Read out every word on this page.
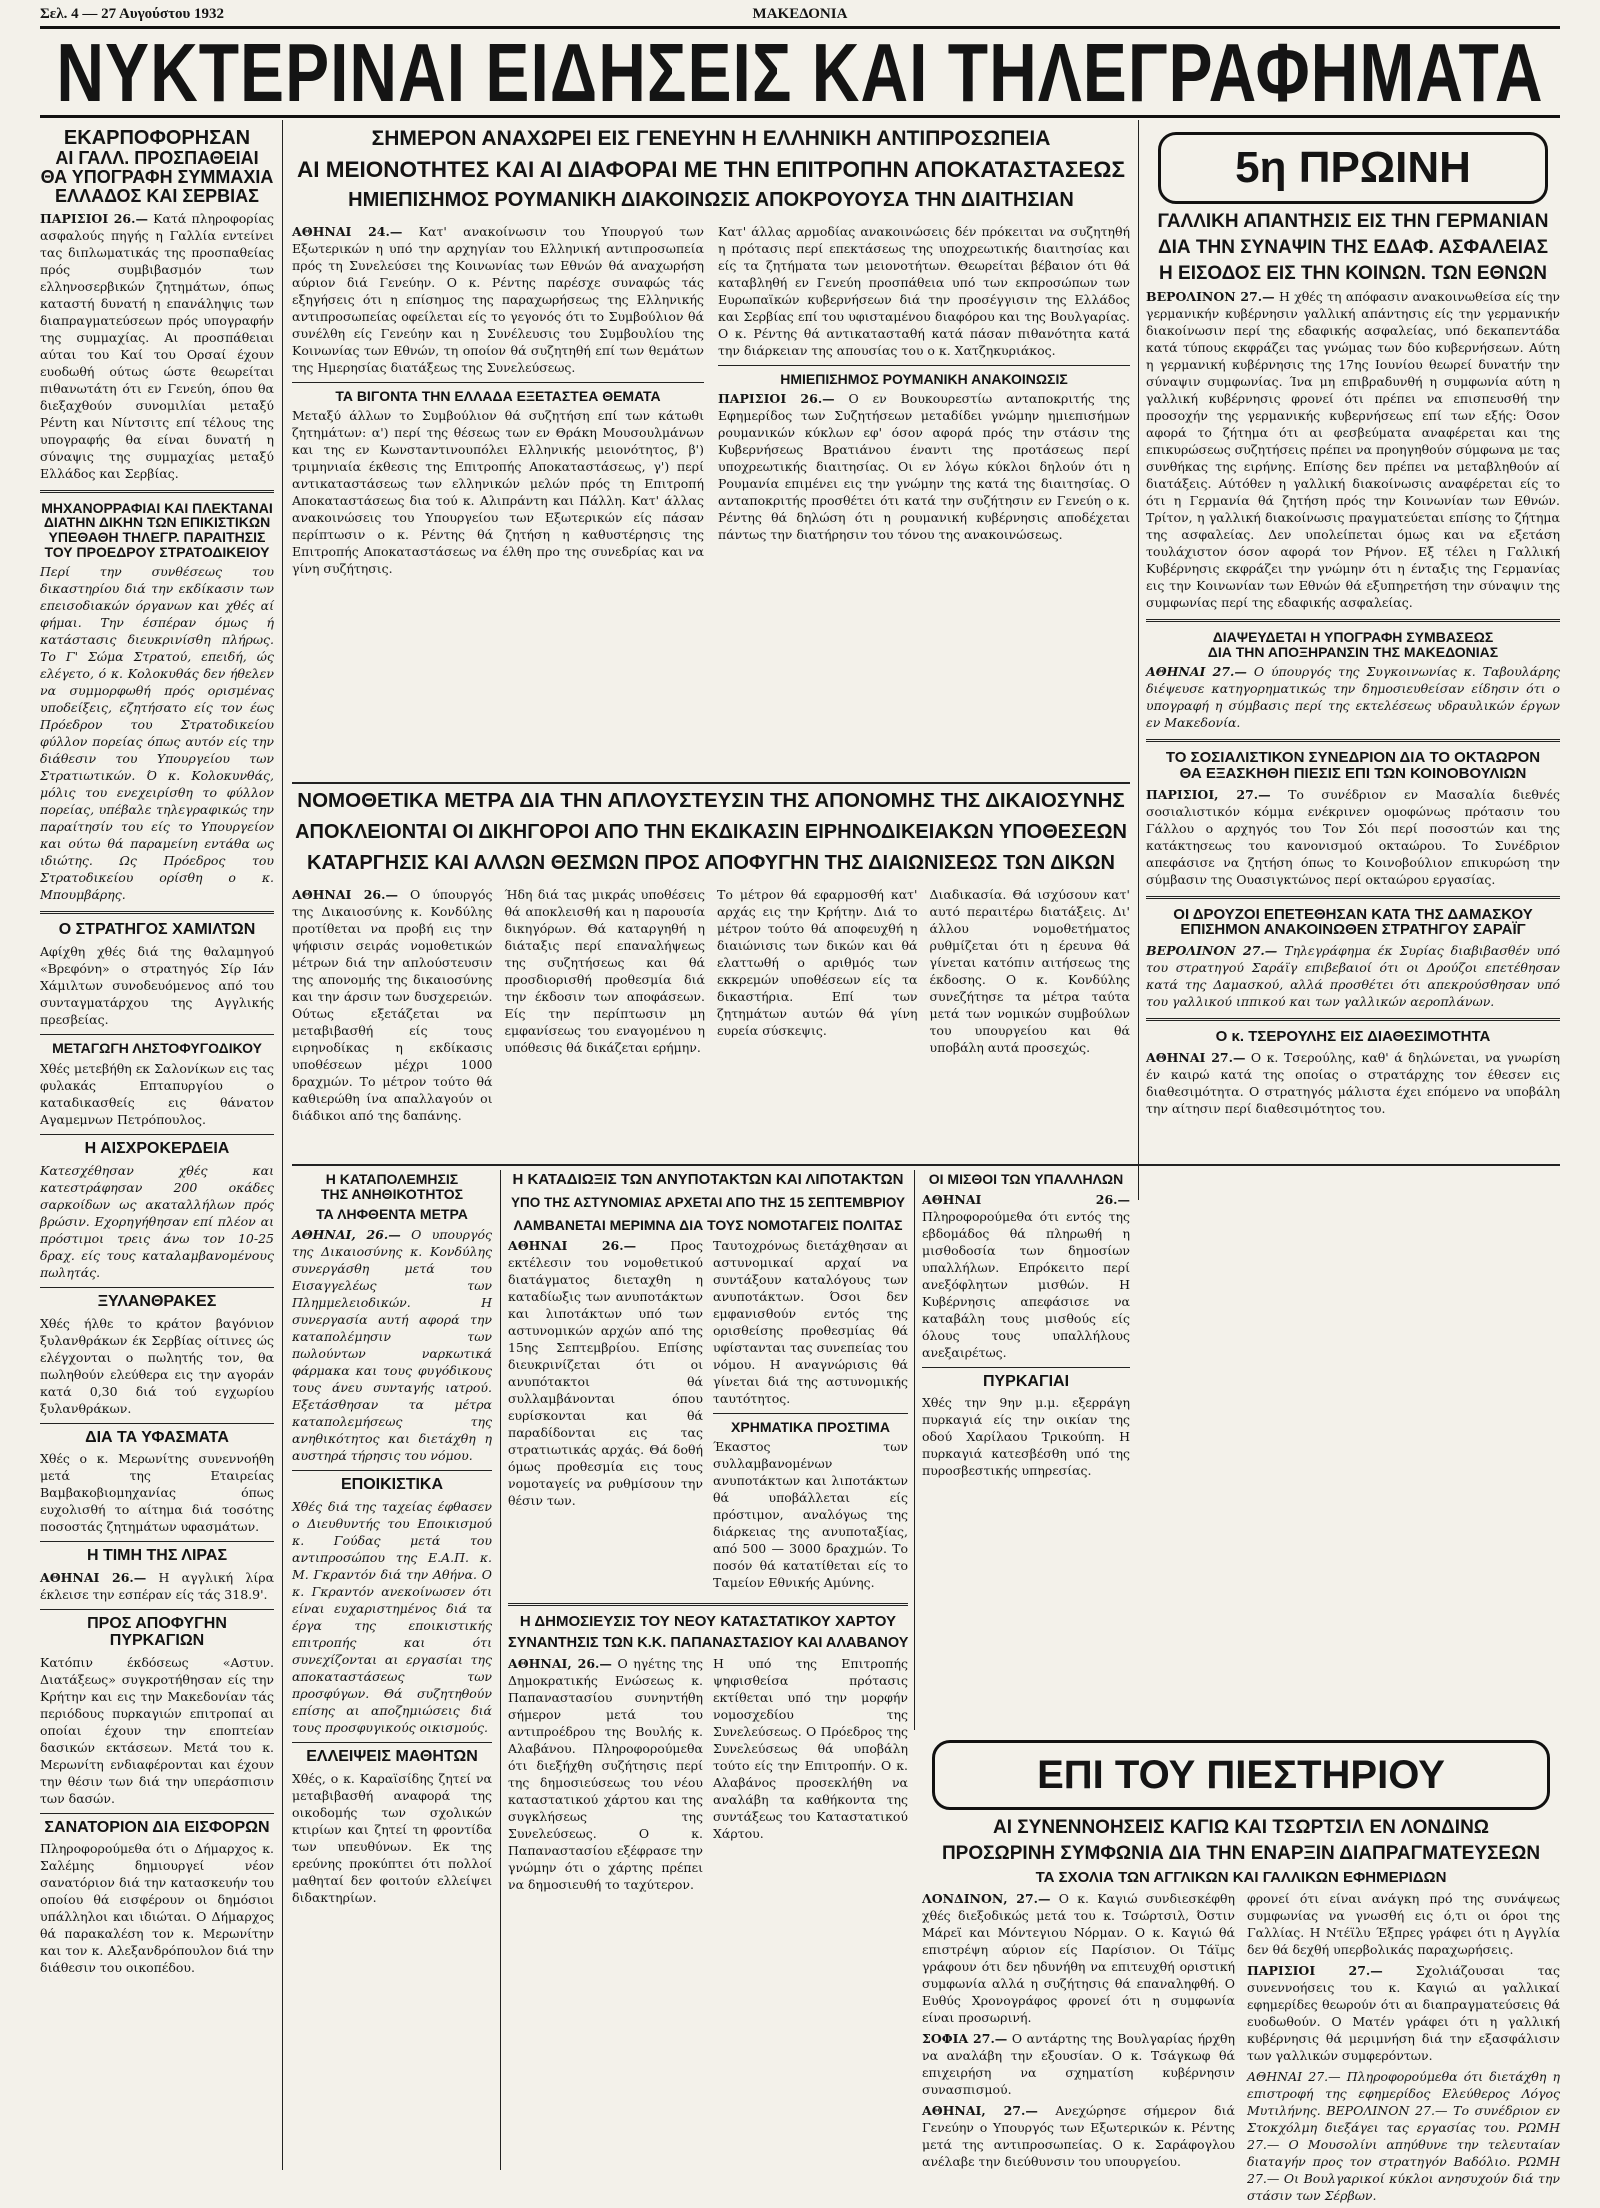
Σελ. 4 — 27 Αυγούστου 1932	ΜΑΚΕΔΟΝΙΑ
ΝΥΚΤΕΡΙΝΑΙ ΕΙΔΗΣΕΙΣ ΚΑΙ ΤΗΛΕΓΡΑΦΗΜΑΤΑ

ΕΚΑΡΠΟΦΟΡΗΣΑΝ

ΑΙ ΓΑΛΛ. ΠΡΟΣΠΑΘΕΙΑΙ

ΘΑ ΥΠΟΓΡΑΦΗ ΣΥΜΜΑΧΙΑ

ΕΛΛΑΔΟΣ ΚΑΙ ΣΕΡΒΙΑΣ

ΠΑΡΙΣΙΟΙ 26.— Κατά πληροφορίας ασφαλούς πηγής η Γαλλία εντείνει τας διπλωματικάς της προσπαθείας πρός συμβιβασμόν των ελληνοσερβικών ζητημάτων, όπως καταστή δυνατή η επανάληψις των διαπραγματεύσεων πρός υπογραφήν της συμμαχίας. Αι προσπάθειαι αύται του Καί του Ορσαί έχουν ευοδωθή ούτως ώστε θεωρείται πιθανωτάτη ότι εν Γενεύη, όπου θα διεξαχθούν συνομιλίαι μεταξύ Ρέντη και Νίντσιτς επί τέλους της υπογραφής θα είναι δυνατή η σύναψις της συμμαχίας μεταξύ Ελλάδος και Σερβίας.

ΜΗΧΑΝΟΡΡΑΦΙΑΙ ΚΑΙ ΠΛΕΚΤΑΝΑΙ

ΔΙΑΤΗΝ ΔΙΚΗΝ ΤΩΝ ΕΠΙΚΙΣΤΙΚΩΝ

ΥΠΕΘΑΘΗ ΤΗΛΕΓΡ. ΠΑΡΑΙΤΗΣΙΣ

ΤΟΥ ΠΡΟΕΔΡΟΥ ΣΤΡΑΤΟΔΙΚΕΙΟΥ

Περί την συνθέσεως του δικαστηρίου διά την εκδίκασιν των επεισοδιακών όργανων και χθές αί φήμαι. Την έσπέραν όμως ή κατάστασις διευκρινίσθη πλήρως. Το Γ' Σώμα Στρατού, επειδή, ώς ελέγετο, ό κ. Κολοκυθάς δεν ήθελεν να συμμορφωθή πρός ορισμένας υποδείξεις, εζητήσατο είς τον έως Πρόεδρον του Στρατοδικείου φύλλον πορείας όπως αυτόν είς την διάθεσιν του Υπουργείου των Στρατιωτικών. Ό κ. Κολοκυνθάς, μόλις του ενεχειρίσθη το φύλλον πορείας, υπέβαλε τηλεγραφικώς την παραίτησίν του είς το Υπουργείον και ούτω θά παραμείνη εντάθα ως ιδιώτης. Ως Πρόεδρος του Στρατοδικείου ορίσθη ο κ. Μπουμβάρης.

Ο ΣΤΡΑΤΗΓΟΣ ΧΑΜΙΛΤΩΝ

Αφίχθη χθές διά της θαλαμηγού «Βρεφόνη» ο στρατηγός Σίρ Ιάν Χάμιλτων συνοδευόμενος από του συνταγματάρχου της Αγγλικής πρεσβείας.

ΜΕΤΑΓΩΓΗ ΛΗΣΤΟΦΥΓΟΔΙΚΟΥ

Χθές μετεβήθη εκ Σαλονίκων εις τας φυλακάς Επταπυργίου ο καταδικασθείς εις θάνατον Αγαμεμνων Πετρόπουλος.

Η ΑΙΣΧΡΟΚΕΡΔΕΙΑ

Κατεσχέθησαν χθές και κατεστράφησαν 200 οκάδες σαρκοίδων ως ακαταλλήλων πρός βρώσιν. Εχορηγήθησαν επί πλέον αι πρόστιμοι τρεις άνω τον 10-25 δραχ. είς τους καταλαμβανομένους πωλητάς.

ΞΥΛΑΝΘΡΑΚΕΣ

Χθές ήλθε το κράτον βαγόνιον ξυλανθράκων έκ Σερβίας οίτινες ώς ελέγχονται ο πωλητής τον, θα πωληθούν ελεύθερα εις την αγοράν κατά 0,30 διά τού εγχωρίου ξυλανθράκων.

ΔΙΑ ΤΑ ΥΦΑΣΜΑΤΑ

Χθές ο κ. Μερωνίτης συνεννοήθη μετά της Εταιρείας Βαμβακοβιομηχανίας όπως ευχολισθή το αίτημα διά τοσότης ποσοστάς ζητημάτων υφασμάτων.

Η ΤΙΜΗ ΤΗΣ ΛΙΡΑΣ

ΑΘΗΝΑΙ 26.— Η αγγλική λίρα έκλεισε την εσπέραν είς τάς 318.9'.

ΠΡΟΣ ΑΠΟΦΥΓΗΝ ΠΥΡΚΑΓΙΩΝ

Κατόπιν έκδόσεως «Αστυν. Διατάξεως» συγκροτήθησαν είς την Κρήτην και εις την Μακεδονίαν τάς περιόδους πυρκαγιών επιτροπαί αι οποίαι έχουν την εποπτείαν δασικών εκτάσεων. Μετά του κ. Μερωνίτη ενδιαφέρονται και έχουν την θέσιν των διά την υπεράσπισιν των δασών.

ΣΑΝΑΤΟΡΙΟΝ ΔΙΑ ΕΙΣΦΟΡΩΝ

Πληροφορούμεθα ότι ο Δήμαρχος κ. Σαλέμης δημιουργεί νέον σανατόριον διά την κατασκευήν του οποίου θά εισφέρουν οι δημόσιοι υπάλληλοι και ιδιώται. Ο Δήμαρχος θά παρακαλέση τον κ. Μερωνίτην και τον κ. Αλεξανδρόπουλον διά την διάθεσιν του οικοπέδου.

ΣΗΜΕΡΟΝ ΑΝΑΧΩΡΕΙ ΕΙΣ ΓΕΝΕΥΗΝ Η ΕΛΛΗΝΙΚΗ ΑΝΤΙΠΡΟΣΩΠΕΙΑ

ΑΙ ΜΕΙΟΝΟΤΗΤΕΣ ΚΑΙ ΑΙ ΔΙΑΦΟΡΑΙ ΜΕ ΤΗΝ ΕΠΙΤΡΟΠΗΝ ΑΠΟΚΑΤΑΣΤΑΣΕΩΣ

ΗΜΙΕΠΙΣΗΜΟΣ ΡΟΥΜΑΝΙΚΗ ΔΙΑΚΟΙΝΩΣΙΣ ΑΠΟΚΡΟΥΟΥΣΑ ΤΗΝ ΔΙΑΙΤΗΣΙΑΝ

ΑΘΗΝΑΙ 24.— Κατ' ανακοίνωσιν του Υπουργού των Εξωτερικών η υπό την αρχηγίαν του Ελληνική αντιπροσωπεία πρός τη Συνελεύσει της Κοινωνίας των Εθνών θά αναχωρήση αύριον διά Γενεύην. Ο κ. Ρέντης παρέσχε συναφώς τάς εξηγήσεις ότι η επίσημος της παραχωρήσεως της Ελληνικής αντιπροσωπείας οφείλεται είς το γεγονός ότι το Συμβούλιον θά συνέλθη είς Γενεύην και η Συνέλευσις του Συμβουλίου της Κοινωνίας των Εθνών, τη οποίον θά συζητηθή επί των θεμάτων της Ημερησίας διατάξεως της Συνελεύσεως.

ΤΑ ΒΙΓΟΝΤΑ ΤΗΝ ΕΛΛΑΔΑ ΕΞΕΤΑΣΤΕΑ ΘΕΜΑΤΑ

Μεταξύ άλλων το Συμβούλιον θά συζητήση επί των κάτωθι ζητημάτων: α') περί της θέσεως των εν Θράκη Μουσουλμάνων και της εν Κωνσταντινουπόλει Ελληνικής μειονότητος, β') τριμηνιαία έκθεσις της Επιτροπής Αποκαταστάσεως, γ') περί αντικαταστάσεως των ελληνικών μελών πρός τη Επιτροπή Αποκαταστάσεως δια τού κ. Αλιπράντη και Πάλλη. Κατ' άλλας ανακοινώσεις του Υπουργείου των Εξωτερικών είς πάσαν περίπτωσιν ο κ. Ρέντης θά ζητήση η καθυστέρησις της Επιτροπής Αποκαταστάσεως να έλθη προ της συνεδρίας και να γίνη συζήτησις.

Κατ' άλλας αρμοδίας ανακοινώσεις δέν πρόκειται να συζητηθή η πρότασις περί επεκτάσεως της υποχρεωτικής διαιτησίας και είς τα ζητήματα των μειονοτήτων. Θεωρείται βέβαιον ότι θά καταβληθή εν Γενεύη προσπάθεια υπό των εκπροσώπων των Ευρωπαϊκών κυβερνήσεων διά την προσέγγισιν της Ελλάδος και Σερβίας επί του υφισταμένου διαφόρου και της Βουλγαρίας. Ο κ. Ρέντης θά αντικατασταθή κατά πάσαν πιθανότητα κατά την διάρκειαν της απουσίας του ο κ. Χατζηκυριάκος.

ΗΜΙΕΠΙΣΗΜΟΣ ΡΟΥΜΑΝΙΚΗ ΑΝΑΚΟΙΝΩΣΙΣ

ΠΑΡΙΣΙΟΙ 26.— Ο εν Βουκουρεστίω ανταποκριτής της Εφημερίδος των Συζητήσεων μεταδίδει γνώμην ημιεπισήμων ρουμανικών κύκλων εφ' όσον αφορά πρός την στάσιν της Κυβερνήσεως Βρατιάνου έναντι της προτάσεως περί υποχρεωτικής διαιτησίας. Οι εν λόγω κύκλοι δηλούν ότι η Ρουμανία επιμένει εις την γνώμην της κατά της διαιτησίας. Ο ανταποκριτής προσθέτει ότι κατά την συζήτησιν εν Γενεύη ο κ. Ρέντης θά δηλώση ότι η ρουμανική κυβέρνησις αποδέχεται πάντως την διατήρησιν του τόνου της ανακοινώσεως.

ΝΟΜΟΘΕΤΙΚΑ ΜΕΤΡΑ ΔΙΑ ΤΗΝ ΑΠΛΟΥΣΤΕΥΣΙΝ ΤΗΣ ΑΠΟΝΟΜΗΣ ΤΗΣ ΔΙΚΑΙΟΣΥΝΗΣ

ΑΠΟΚΛΕΙΟΝΤΑΙ ΟΙ ΔΙΚΗΓΟΡΟΙ ΑΠΟ ΤΗΝ ΕΚΔΙΚΑΣΙΝ ΕΙΡΗΝΟΔΙΚΕΙΑΚΩΝ ΥΠΟΘΕΣΕΩΝ

ΚΑΤΑΡΓΗΣΙΣ ΚΑΙ ΑΛΛΩΝ ΘΕΣΜΩΝ ΠΡΟΣ ΑΠΟΦΥΓΗΝ ΤΗΣ ΔΙΑΙΩΝΙΣΕΩΣ ΤΩΝ ΔΙΚΩΝ

ΑΘΗΝΑΙ 26.— Ο ύπουργός της Δικαιοσύνης κ. Κονδύλης προτίθεται να προβή εις την ψήφισιν σειράς νομοθετικών μέτρων διά την απλούστευσιν της απονομής της δικαιοσύνης και την άρσιν των δυσχερειών. Ούτως εξετάζεται να μεταβιβασθή είς τους ειρηνοδίκας η εκδίκασις υποθέσεων μέχρι 1000 δραχμών. Το μέτρον τούτο θά καθιερώθη ίνα απαλλαγούν οι διάδικοι από της δαπάνης.

Ήδη διά τας μικράς υποθέσεις θά αποκλεισθή και η παρουσία δικηγόρων. Θά καταργηθή η διάταξις περί επαναλήψεως της συζητήσεως και θά προσδιορισθή προθεσμία διά την έκδοσιν των αποφάσεων. Είς την περίπτωσιν μη εμφανίσεως του εναγομένου η υπόθεσις θά δικάζεται ερήμην.

Το μέτρον θά εφαρμοσθή κατ' αρχάς εις την Κρήτην. Διά το μέτρον τούτο θά αποφευχθή η διαιώνισις των δικών και θά ελαττωθή ο αριθμός των εκκρεμών υποθέσεων είς τα δικαστήρια. Επί των ζητημάτων αυτών θά γίνη ευρεία σύσκεψις.

Διαδικασία. Θά ισχύσουν κατ' αυτό περαιτέρω διατάξεις. Δι' άλλου νομοθετήματος ρυθμίζεται ότι η έρευνα θά γίνεται κατόπιν αιτήσεως της έκδοσης. Ο κ. Κονδύλης συνεζήτησε τα μέτρα ταύτα μετά των νομικών συμβούλων του υπουργείου και θά υποβάλη αυτά προσεχώς.

5η ΠΡΩΙΝΗ

ΓΑΛΛΙΚΗ ΑΠΑΝΤΗΣΙΣ ΕΙΣ ΤΗΝ ΓΕΡΜΑΝΙΑΝ

ΔΙΑ ΤΗΝ ΣΥΝΑΨΙΝ ΤΗΣ ΕΔΑΦ. ΑΣΦΑΛΕΙΑΣ

Η ΕΙΣΟΔΟΣ ΕΙΣ ΤΗΝ ΚΟΙΝΩΝ. ΤΩΝ ΕΘΝΩΝ

ΒΕΡΟΛΙΝΟΝ 27.— Η χθές τη απόφασιν ανακοινωθείσα είς την γερμανικήν κυβέρνησιν γαλλική απάντησις είς την γερμανικήν διακοίνωσιν περί της εδαφικής ασφαλείας, υπό δεκαπεντάδα κατά τύπους εκφράζει τας γνώμας των δύο κυβερνήσεων. Αύτη η γερμανική κυβέρνησις της 17ης Ιουνίου θεωρεί δυνατήν την σύναψιν συμφωνίας. Ίνα μη επιβραδυνθή η συμφωνία αύτη η γαλλική κυβέρνησις φρονεί ότι πρέπει να επισπευσθή την προσοχήν της γερμανικής κυβερνήσεως επί των εξής: Όσον αφορά το ζήτημα ότι αι φεσβεύματα αναφέρεται και της επικυρώσεως συζητήσεις πρέπει να προηγηθούν σύμφωνα με τας συνθήκας της ειρήνης. Επίσης δεν πρέπει να μεταβληθούν αί διατάξεις. Αύτόθεν η γαλλική διακοίνωσις αναφέρεται είς το ότι η Γερμανία θά ζητήση πρός την Κοινωνίαν των Εθνών. Τρίτον, η γαλλική διακοίνωσις πραγματεύεται επίσης το ζήτημα της ασφαλείας. Δεν υπολείπεται όμως και να εξετάση τουλάχιστον όσον αφορά τον Ρήνον. Εξ τέλει η Γαλλική Κυβέρνησις εκφράζει την γνώμην ότι η ένταξις της Γερμανίας εις την Κοινωνίαν των Εθνών θά εξυπηρετήση την σύναψιν της συμφωνίας περί της εδαφικής ασφαλείας.

ΔΙΑΨΕΥΔΕΤΑΙ Η ΥΠΟΓΡΑΦΗ ΣΥΜΒΑΣΕΩΣ

ΔΙΑ ΤΗΝ ΑΠΟΞΗΡΑΝΣΙΝ ΤΗΣ ΜΑΚΕΔΟΝΙΑΣ

ΑΘΗΝΑΙ 27.— Ο ύπουργός της Συγκοινωνίας κ. Ταβουλάρης διέψευσε κατηγορηματικώς την δημοσιευθείσαν είδησιν ότι ο υπογραφή η σύμβασις περί της εκτελέσεως υδραυλικών έργων εν Μακεδονία.

ΤΟ ΣΟΣΙΑΛΙΣΤΙΚΟΝ ΣΥΝΕΔΡΙΟΝ ΔΙΑ ΤΟ ΟΚΤΑΩΡΟΝ

ΘΑ ΕΞΑΣΚΗΘΗ ΠΙΕΣΙΣ ΕΠΙ ΤΩΝ ΚΟΙΝΟΒΟΥΛΙΩΝ

ΠΑΡΙΣΙΟΙ, 27.— Το συνέδριον εν Μασαλία διεθνές σοσιαλιστικόν κόμμα ενέκρινεν ομοφώνως πρότασιν του Γάλλου ο αρχηγός του Τον Σόι περί ποσοστών και της κατάκτησεως του κανονισμού οκταώρου. Το Συνέδριον απεφάσισε να ζητήση όπως το Κοινοβούλιον επικυρώση την σύμβασιν της Ουασιγκτώνος περί οκταώρου εργασίας.

ΟΙ ΔΡΟΥΖΟΙ ΕΠΕΤΕΘΗΣΑΝ ΚΑΤΑ ΤΗΣ ΔΑΜΑΣΚΟΥ

ΕΠΙΣΗΜΟΝ ΑΝΑΚΟΙΝΩΘΕΝ ΣΤΡΑΤΗΓΟΥ ΣΑΡΑΪΓ

ΒΕΡΟΛΙΝΟΝ 27.— Τηλεγράφημα έκ Συρίας διαβιβασθέν υπό του στρατηγού Σαράϊγ επιβεβαιοί ότι οι Δρούζοι επετέθησαν κατά της Δαμασκού, αλλά προσθέτει ότι απεκρούσθησαν υπό του γαλλικού ιππικού και των γαλλικών αεροπλάνων.

Ο κ. ΤΣΕΡΟΥΛΗΣ ΕΙΣ ΔΙΑΘΕΣΙΜΟΤΗΤΑ

ΑΘΗΝΑΙ 27.— Ο κ. Τσερούλης, καθ' ά δηλώνεται, να γνωρίση έν καιρώ κατά της οποίας ο στρατάρχης τον έθεσεν εις διαθεσιμότητα. Ο στρατηγός μάλιστα έχει επόμενο να υποβάλη την αίτησιν περί διαθεσιμότητος του.

Η ΚΑΤΑΠΟΛΕΜΗΣΙΣ

ΤΗΣ ΑΝΗΘΙΚΟΤΗΤΟΣ

ΤΑ ΛΗΦΘΕΝΤΑ ΜΕΤΡΑ

ΑΘΗΝΑΙ, 26.— Ο υπουργός της Δικαιοσύνης κ. Κονδύλης συνεργάσθη μετά του Εισαγγελέως των Πλημμελειοδικών. Η συνεργασία αυτή αφορά την καταπολέμησιν των πωλούντων ναρκωτικά φάρμακα και τους φυγόδικους τους άνευ συνταγής ιατρού. Εξετάσθησαν τα μέτρα καταπολεμήσεως της ανηθικότητος και διετάχθη η αυστηρά τήρησις του νόμου.

ΕΠΟΙΚΙΣΤΙΚΑ

Χθές διά της ταχείας έφθασεν ο Διευθυντής του Εποικισμού κ. Γούδας μετά του αντιπροσώπου της Ε.Α.Π. κ. Μ. Γκραντόν διά την Αθήνα. Ο κ. Γκραντόν ανεκοίνωσεν ότι είναι ευχαριστημένος διά τα έργα της εποικιστικής επιτροπής και ότι συνεχίζονται αι εργασίαι της αποκαταστάσεως των προσφύγων. Θά συζητηθούν επίσης αι αποζημιώσεις διά τους προσφυγικούς οικισμούς.

ΕΛΛΕΙΨΕΙΣ ΜΑΘΗΤΩΝ

Χθές, ο κ. Καραϊσίδης ζητεί να μεταβιβασθή αναφορά της οικοδομής των σχολικών κτιρίων και ζητεί τη φροντίδα των υπευθύνων. Εκ της ερεύνης προκύπτει ότι πολλοί μαθηταί δεν φοιτούν ελλείψει διδακτηρίων.

Η ΚΑΤΑΔΙΩΞΙΣ ΤΩΝ ΑΝΥΠΟΤΑΚΤΩΝ ΚΑΙ ΛΙΠΟΤΑΚΤΩΝ

ΥΠΟ ΤΗΣ ΑΣΤΥΝΟΜΙΑΣ ΑΡΧΕΤΑΙ ΑΠΟ ΤΗΣ 15 ΣΕΠΤΕΜΒΡΙΟΥ

ΛΑΜΒΑΝΕΤΑΙ ΜΕΡΙΜΝΑ ΔΙΑ ΤΟΥΣ ΝΟΜΟΤΑΓΕΙΣ ΠΟΛΙΤΑΣ

ΑΘΗΝΑΙ 26.—	Προς εκτέλεσιν του νομοθετικού διατάγματος διεταχθη η καταδίωξις των ανυποτάκτων και λιποτάκτων υπό των αστυνομικών αρχών από της 15ης Σεπτεμβρίου. Επίσης διευκρινίζεται ότι οι ανυπότακτοι θά συλλαμβάνονται όπου ευρίσκονται και θά παραδίδονται εις τας στρατιωτικάς αρχάς. Θά δοθή όμως προθεσμία εις τους νομοταγείς να ρυθμίσουν την θέσιν των.

Ταυτοχρόνως διετάχθησαν αι αστυνομικαί αρχαί να συντάξουν καταλόγους των ανυποτάκτων. Όσοι δεν εμφανισθούν εντός της ορισθείσης προθεσμίας θά υφίστανται τας συνεπείας του νόμου. Η αναγνώρισις θά γίνεται διά της αστυνομικής ταυτότητος.

ΧΡΗΜΑΤΙΚΑ ΠΡΟΣΤΙΜΑ

Έκαστος των συλλαμβανομένων ανυποτάκτων και λιποτάκτων θά υποβάλλεται είς πρόστιμον, αναλόγως της διάρκειας της ανυποταξίας, από 500 — 3000 δραχμών. Το ποσόν θά κατατίθεται είς το Ταμείον Εθνικής Αμύνης.

Η ΔΗΜΟΣΙΕΥΣΙΣ ΤΟΥ ΝΕΟΥ ΚΑΤΑΣΤΑΤΙΚΟΥ ΧΑΡΤΟΥ

ΣΥΝΑΝΤΗΣΙΣ ΤΩΝ Κ.Κ. ΠΑΠΑΝΑΣΤΑΣΙΟΥ ΚΑΙ ΑΛΑΒΑΝΟΥ

ΑΘΗΝΑΙ, 26.— Ο ηγέτης της Δημοκρατικής Ενώσεως κ. Παπαναστασίου συνηντήθη σήμερον μετά του αντιπροέδρου της Βουλής κ. Αλαβάνου. Πληροφορούμεθα ότι διεξήχθη συζήτησις περί της δημοσιεύσεως του νέου καταστατικού χάρτου και της συγκλήσεως της Συνελεύσεως. Ο κ. Παπαναστασίου εξέφρασε την γνώμην ότι ο χάρτης πρέπει να δημοσιευθή το ταχύτερον.

Η υπό της Επιτροπής ψηφισθείσα πρότασις εκτίθεται υπό την μορφήν νομοσχεδίου της Συνελεύσεως. Ο Πρόεδρος της Συνελεύσεως θά υποβάλη τούτο είς την Επιτροπήν. Ο κ. Αλαβάνος προσεκλήθη να αναλάβη τα καθήκοντα της συντάξεως του Καταστατικού Χάρτου.

ΟΙ ΜΙΣΘΟΙ ΤΩΝ ΥΠΑΛΛΗΛΩΝ

ΑΘΗΝΑΙ 26.— Πληροφορούμεθα ότι εντός της εβδομάδος θά πληρωθή η μισθοδοσία των δημοσίων υπαλλήλων. Επρόκειτο περί ανεξόφλητων μισθών. Η Κυβέρνησις απεφάσισε να καταβάλη τους μισθούς είς όλους τους υπαλλήλους ανεξαιρέτως.

ΠΥΡΚΑΓΙΑΙ

Χθές την 9ην μ.μ. εξερράγη πυρκαγιά είς την οικίαν της οδού Χαρίλαου Τρικούπη. Η πυρκαγιά κατεσβέσθη υπό της πυροσβεστικής υπηρεσίας.

ΕΠΙ ΤΟΥ ΠΙΕΣΤΗΡΙΟΥ

ΑΙ ΣΥΝΕΝΝΟΗΣΕΙΣ ΚΑΓΙΩ ΚΑΙ ΤΣΩΡΤΣΙΛ ΕΝ ΛΟΝΔΙΝΩ

ΠΡΟΣΩΡΙΝΗ ΣΥΜΦΩΝΙΑ ΔΙΑ ΤΗΝ ΕΝΑΡΞΙΝ ΔΙΑΠΡΑΓΜΑΤΕΥΣΕΩΝ

ΤΑ ΣΧΟΛΙΑ ΤΩΝ ΑΓΓΛΙΚΩΝ ΚΑΙ ΓΑΛΛΙΚΩΝ ΕΦΗΜΕΡΙΔΩΝ

ΛΟΝΔΙΝΟΝ, 27.— Ο κ. Καγιώ συνδιεσκέφθη χθές διεξοδικώς μετά του κ. Τσώρτσιλ, Όστιν Μάρεϊ και Μόντεγιου Νόρμαν. Ο κ. Καγιώ θά επιστρέψη αύριον είς Παρίσιον. Οι Τάϊμς γράφουν ότι δεν ηδυνήθη να επιτευχθή οριστική συμφωνία αλλά η συζήτησις θά επαναληφθή. Ο Ευθύς Χρονογράφος φρονεί ότι η συμφωνία είναι προσωρινή.

ΣΟΦΙΑ 27.— Ο αντάρτης της Βουλγαρίας ήρχθη να αναλάβη την εξουσίαν. Ο κ. Τσάγκωφ θά επιχειρήση να σχηματίση κυβέρνησιν συνασπισμού.

ΑΘΗΝΑΙ, 27.— Ανεχώρησε σήμερον διά Γενεύην ο Υπουργός των Εξωτερικών κ. Ρέντης μετά της αντιπροσωπείας. Ο κ. Σαράφογλου ανέλαβε την διεύθυνσιν του υπουργείου.

φρονεί ότι είναι ανάγκη πρό της συνάψεως συμφωνίας να γνωσθή εις ό,τι οι όροι της Γαλλίας. Η Ντέϊλυ Έξπρες γράφει ότι η Αγγλία δεν θά δεχθή υπερβολικάς παραχωρήσεις.

ΠΑΡΙΣΙΟΙ 27.—	Σχολιάζουσαι τας συνεννοήσεις του κ. Καγιώ αι γαλλικαί εφημερίδες θεωρούν ότι αι διαπραγματεύσεις θά ευοδωθούν. Ο Ματέν γράφει ότι η γαλλική κυβέρνησις θά μεριμνήση διά την εξασφάλισιν των γαλλικών συμφερόντων.

ΑΘΗΝΑΙ 27.— Πληροφορούμεθα ότι διετάχθη η επιστροφή της εφημερίδος Ελεύθερος Λόγος Μυτιλήνης. ΒΕΡΟΛΙΝΟΝ 27.— Το συνέδριον εν Στοκχόλμη διεξάγει τας εργασίας του. ΡΩΜΗ 27.— Ο Μουσολίνι απηύθυνε την τελευταίαν διαταγήν προς τον στρατηγόν Βαδόλιο. ΡΩΜΗ 27.— Οι Βουλγαρικοί κύκλοι ανησυχούν διά την στάσιν των Σέρβων.
